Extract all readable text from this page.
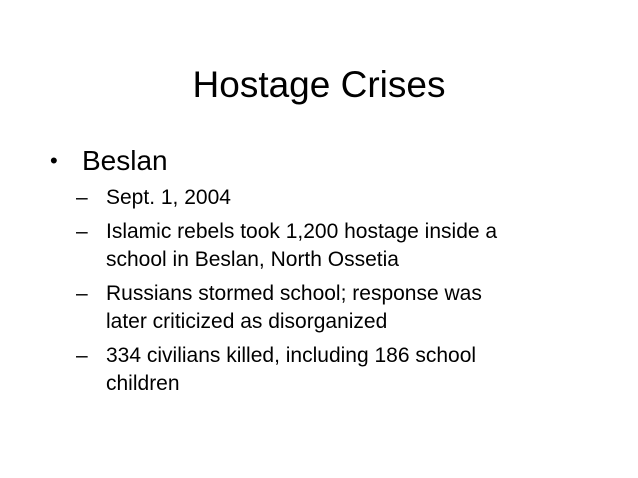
Hostage Crises
• Beslan
– Sept. 1, 2004
– Islamic rebels took 1,200 hostage inside a
school in Beslan, North Ossetia
– Russians stormed school; response was
later criticized as disorganized
– 334 civilians killed, including 186 school
children
